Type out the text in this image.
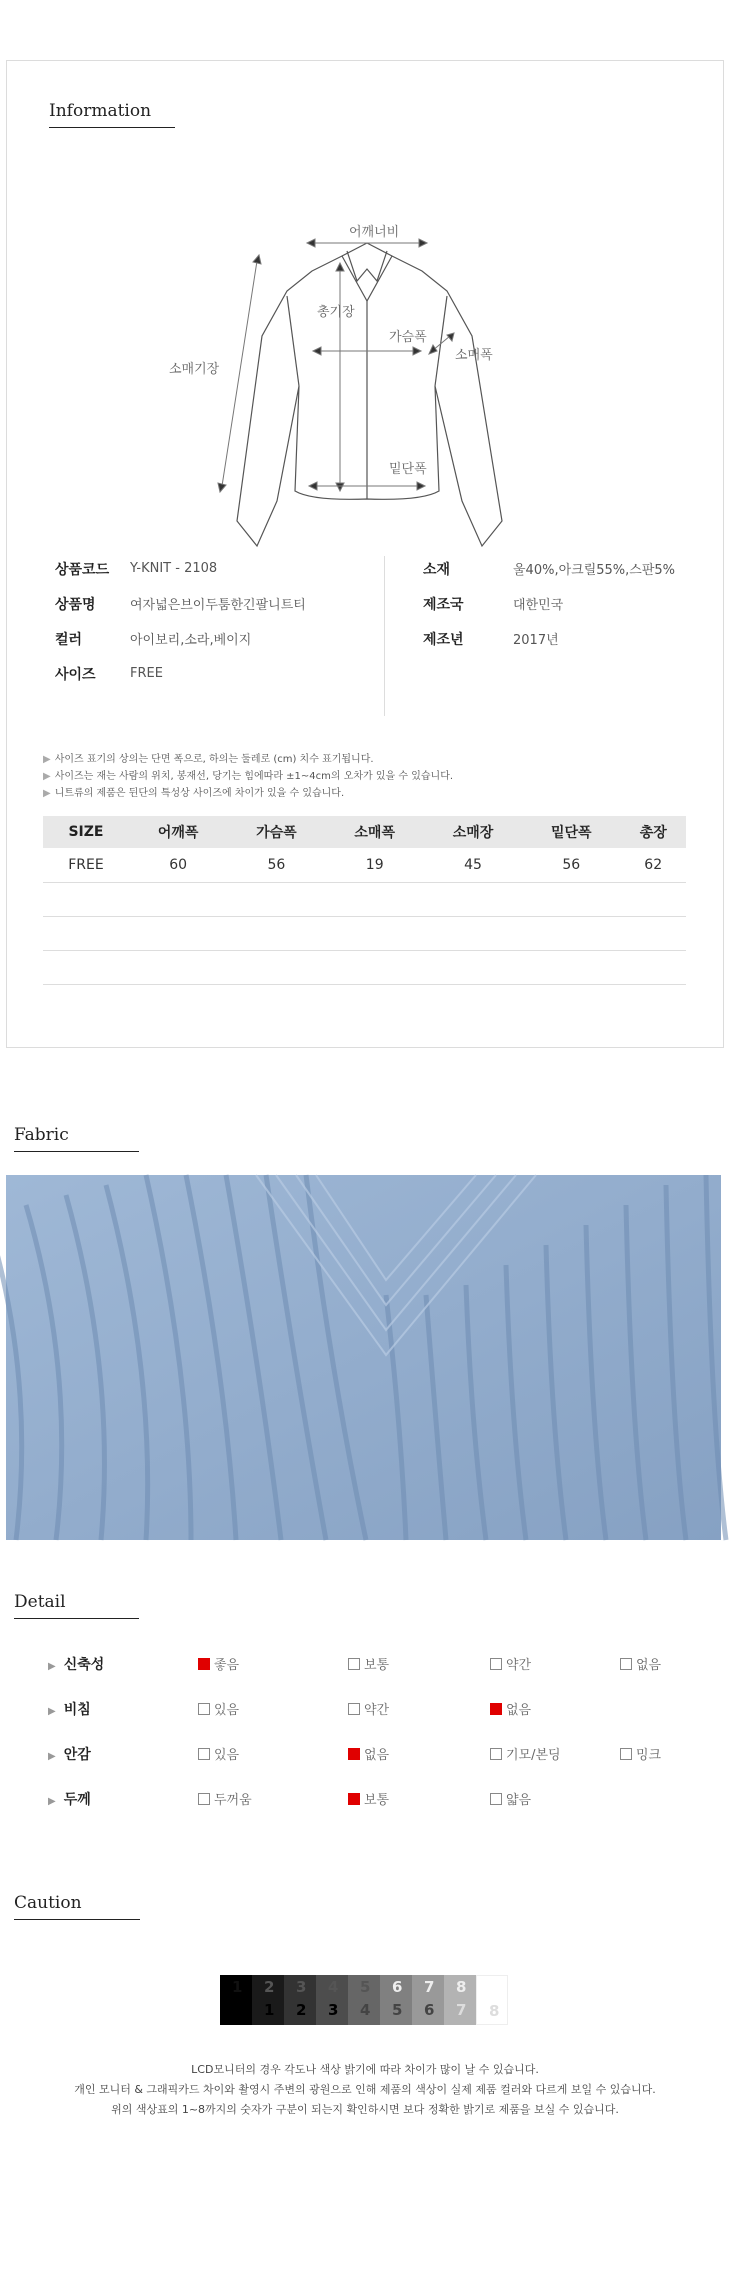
Information
어깨너비
총기장
가슴폭
소매폭
소매기장
밑단폭
상품코드	Y-KNIT - 2108
상품명	여자넓은브이두툼한긴팔니트티
컬러	아이보리,소라,베이지
사이즈	FREE
소재	울40%,아크릴55%,스판5%
제조국	대한민국
제조년	2017년
▶ 사이즈 표기의 상의는 단면 폭으로, 하의는 둘레로 (cm) 치수 표기됩니다.
▶ 사이즈는 재는 사람의 위치, 봉재선, 당기는 힘에따라 ±1~4cm의 오차가 있을 수 있습니다.
▶ 니트류의 제품은 뒨단의 특성상 사이즈에 차이가 있을 수 있습니다.
SIZE	어깨폭	가슴폭	소매폭	소매장	밑단폭	총장
FREE	60	56	19	45	56	62

Fabric
Detail
▶ 신축성	좋음	보통	약간	없음
▶ 비침	있음	약간	없음
▶ 안감	있음	없음	기모/본딩	밍크
▶ 두께	두꺼움	보통	얇음
Caution
1 2
1
3
2
4
3
5
4
6
5
7
6
8
7 8
LCD모니터의 경우 각도나 색상 밝기에 따라 차이가 많이 날 수 있습니다.
개인 모니터 & 그래픽카드 차이와 촬영시 주변의 광원으로 인해 제품의 색상이 실제 제품 컬러와 다르게 보일 수 있습니다.
위의 색상표의 1~8까지의 숫자가 구분이 되는지 확인하시면 보다 정확한 밝기로 제품을 보실 수 있습니다.
